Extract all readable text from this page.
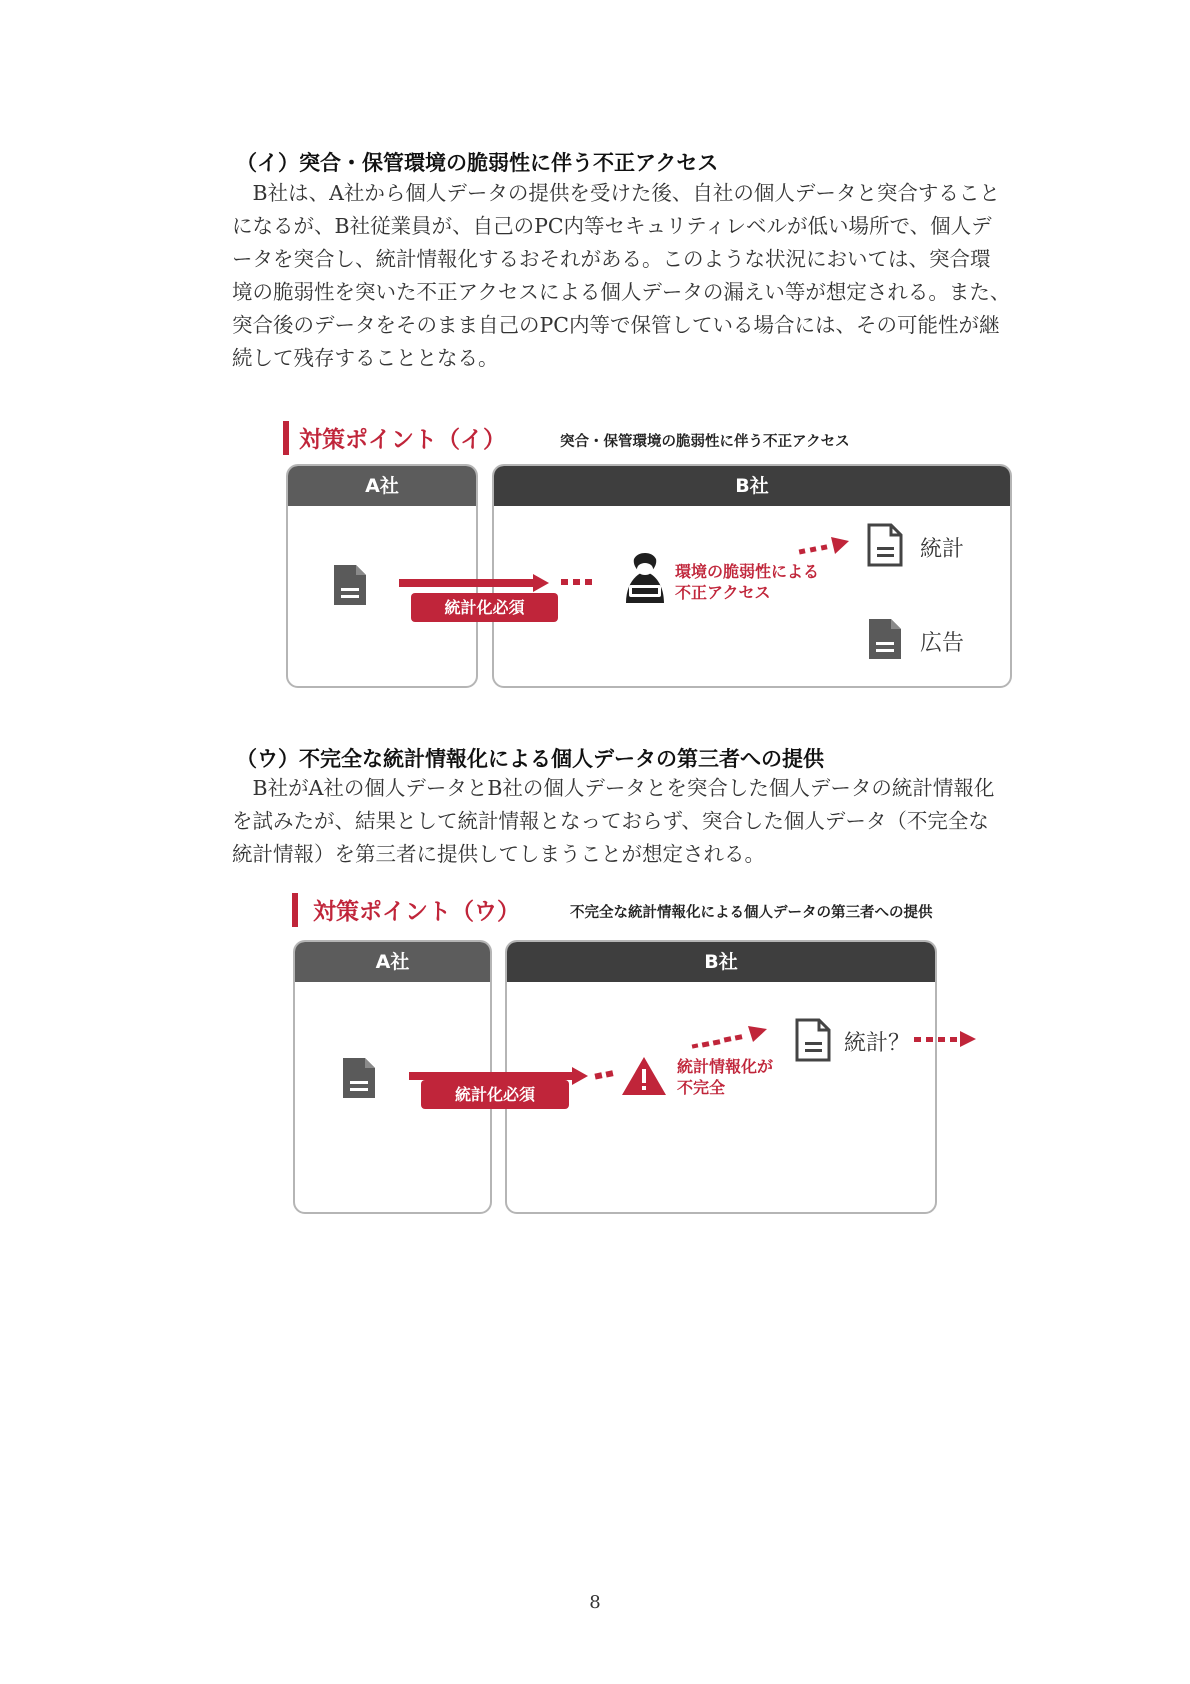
（イ）突合・保管環境の脆弱性に伴う不正アクセス
　B社は、A社から個人データの提供を受けた後、自社の個人データと突合すること
になるが、B社従業員が、自己のPC内等セキュリティレベルが低い場所で、個人デ
ータを突合し、統計情報化するおそれがある。このような状況においては、突合環
境の脆弱性を突いた不正アクセスによる個人データの漏えい等が想定される。また、
突合後のデータをそのまま自己のPC内等で保管している場合には、その可能性が継
続して残存することとなる。
対策ポイント（イ）	突合・保管環境の脆弱性に伴う不正アクセス
A社	B社
統計化必須
環境の脆弱性による
不正アクセス
統計
広告
（ウ）不完全な統計情報化による個人データの第三者への提供
　B社がA社の個人データとB社の個人データとを突合した個人データの統計情報化
を試みたが、結果として統計情報となっておらず、突合した個人データ（不完全な
統計情報）を第三者に提供してしまうことが想定される。
対策ポイント（ウ）	不完全な統計情報化による個人データの第三者への提供
A社	B社
統計化必須
統計情報化が
不完全
統計？
8
